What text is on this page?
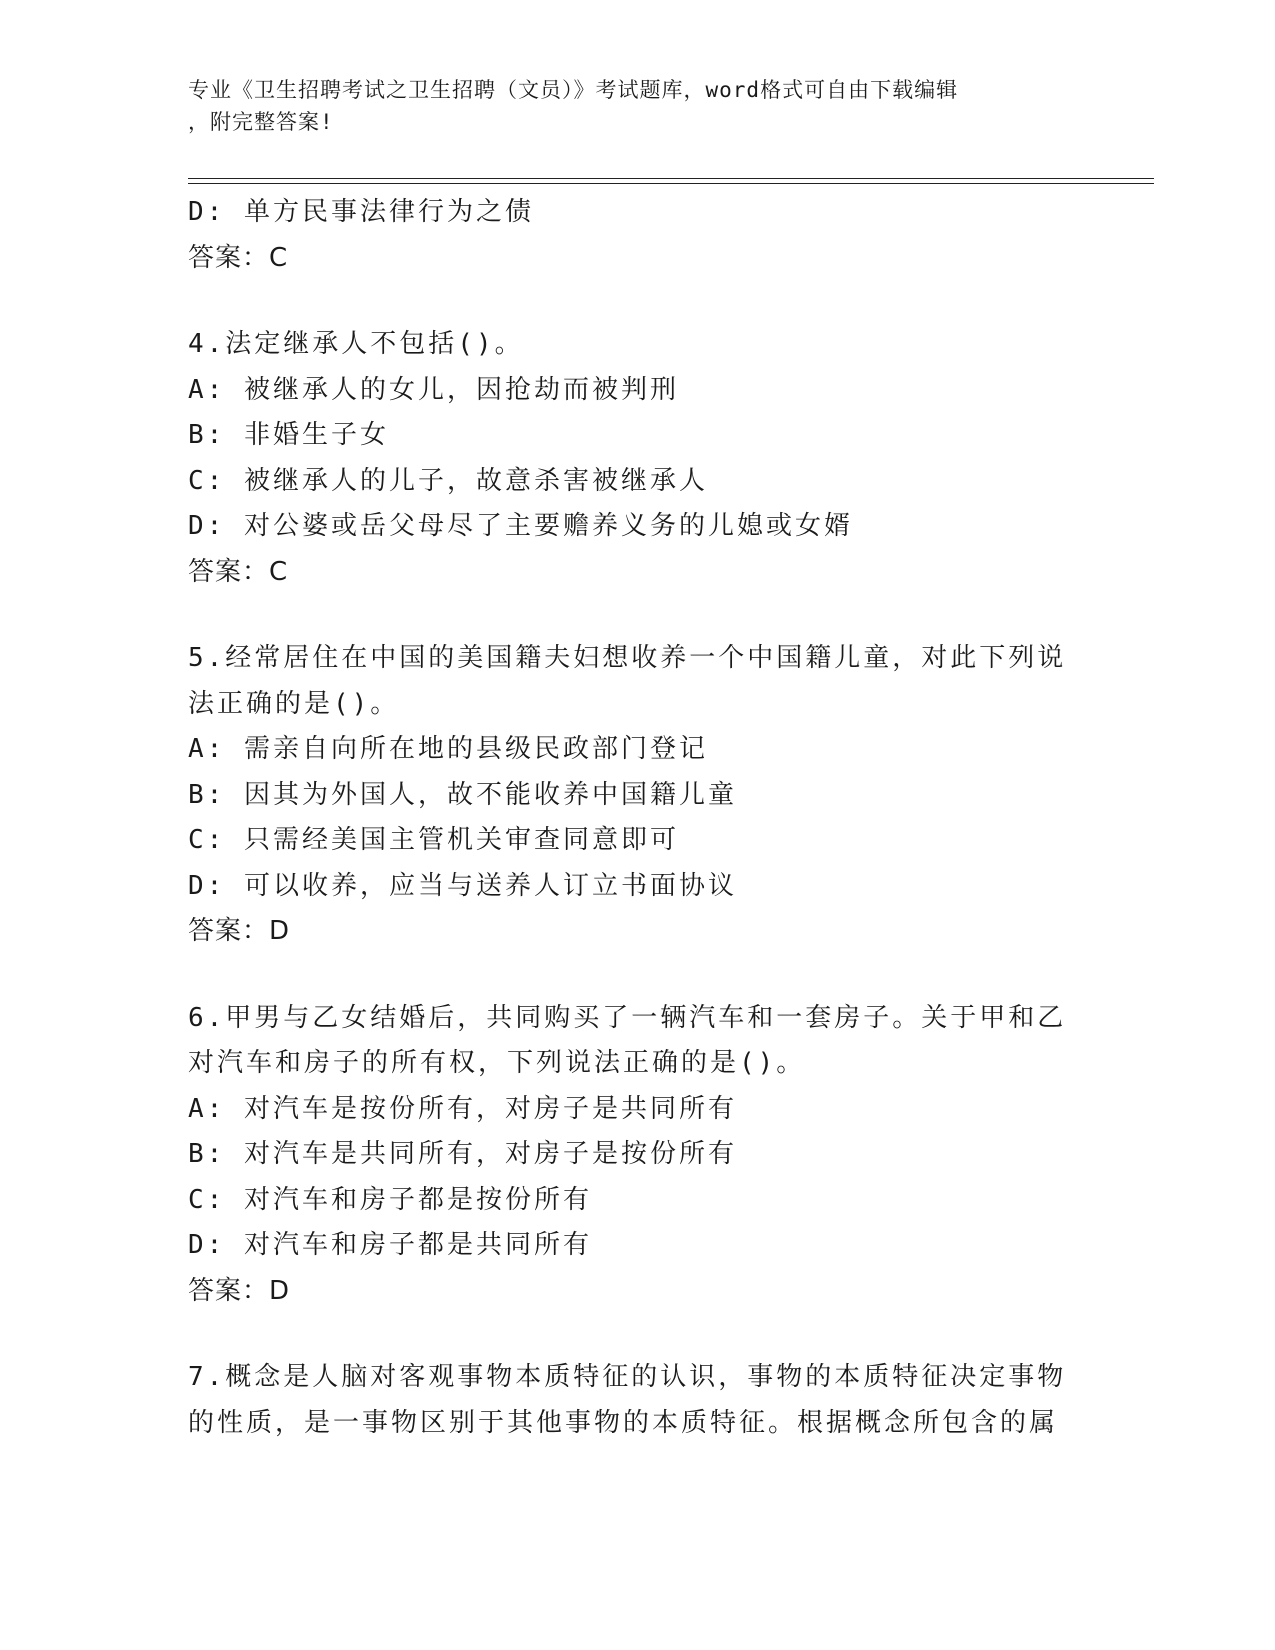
专业《卫生招聘考试之卫生招聘（文员）》考试题库，word格式可自由下载编辑
，附完整答案!
D: 单方民事法律行为之债
答案：C
4.法定继承人不包括()。
A: 被继承人的女儿，因抢劫而被判刑
B: 非婚生子女
C: 被继承人的儿子，故意杀害被继承人
D: 对公婆或岳父母尽了主要赡养义务的儿媳或女婿
答案：C
5.经常居住在中国的美国籍夫妇想收养一个中国籍儿童，对此下列说
法正确的是()。
A: 需亲自向所在地的县级民政部门登记
B: 因其为外国人，故不能收养中国籍儿童
C: 只需经美国主管机关审查同意即可
D: 可以收养，应当与送养人订立书面协议
答案：D
6.甲男与乙女结婚后，共同购买了一辆汽车和一套房子。关于甲和乙
对汽车和房子的所有权，下列说法正确的是()。
A: 对汽车是按份所有，对房子是共同所有
B: 对汽车是共同所有，对房子是按份所有
C: 对汽车和房子都是按份所有
D: 对汽车和房子都是共同所有
答案：D
7.概念是人脑对客观事物本质特征的认识，事物的本质特征决定事物
的性质，是一事物区别于其他事物的本质特征。根据概念所包含的属
